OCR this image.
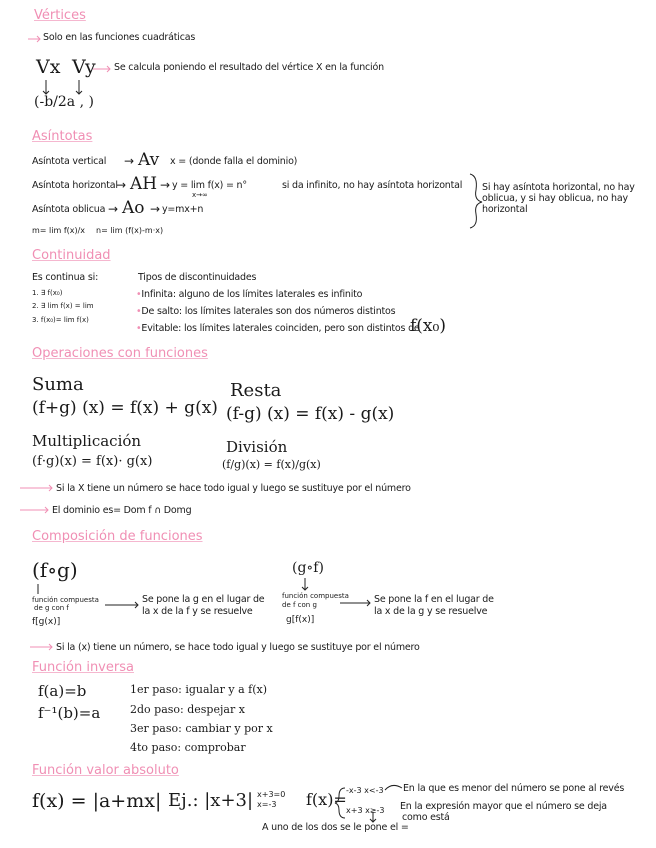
Vértices
Solo en las funciones cuadráticas
Vx Vy Se calcula poniendo el resultado del vértice X en la función
(-b/2a , )
Asíntotas
Asíntota vertical → Av x = (donde falla el dominio)
Asíntota horizontal
→ AH → y = lim f(x) = n°
x→∞
si da infinito, no hay asíntota horizontal
Asíntota oblicua → Ao → y=mx+n
m= lim f(x)/x n= lim (f(x)-m·x)
Si hay asíntota horizontal, no hay oblicua, y si hay oblicua, no hay horizontal
Continuidad
Es continua si:
1. ∃ f(x₀)
2. ∃ lim f(x) = lim
3. f(x₀)= lim f(x)
Tipos de discontinuidades
•Infinita: alguno de los límites laterales es infinito
•De salto: los límites laterales son dos números distintos
•Evitable: los límites laterales coinciden, pero son distintos de
f(x₀)
Operaciones con funciones
Suma
(f+g) (x) = f(x) + g(x)
Resta
(f-g) (x) = f(x) - g(x)
Multiplicación
(f·g)(x) = f(x)· g(x)
División
(f/g)(x) = f(x)/g(x)
Si la X tiene un número se hace todo igual y luego se sustituye por el número
El dominio es= Dom f ∩ Domg
Composición de funciones
(f∘g)
función compuesta
de g con f
f[g(x)]
Se pone la g en el lugar de
la x de la f y se resuelve
(g∘f)
función compuesta
de f con g
g[f(x)]
Se pone la f en el lugar de
la x de la g y se resuelve
Si la (x) tiene un número, se hace todo igual y luego se sustituye por el número
Función inversa
f(a)=b
f⁻¹(b)=a
1er paso: igualar y a f(x)
2do paso: despejar x
3er paso: cambiar y por x
4to paso: comprobar
Función valor absoluto
f(x) = |a+mx| Ej.: |x+3| x+3=0
x=-3 f(x)= -x-3 x<-3
x+3 x≥-3
En la que es menor del número se pone al revés
En la expresión mayor que el número se deja
como está
A uno de los dos se le pone el =
